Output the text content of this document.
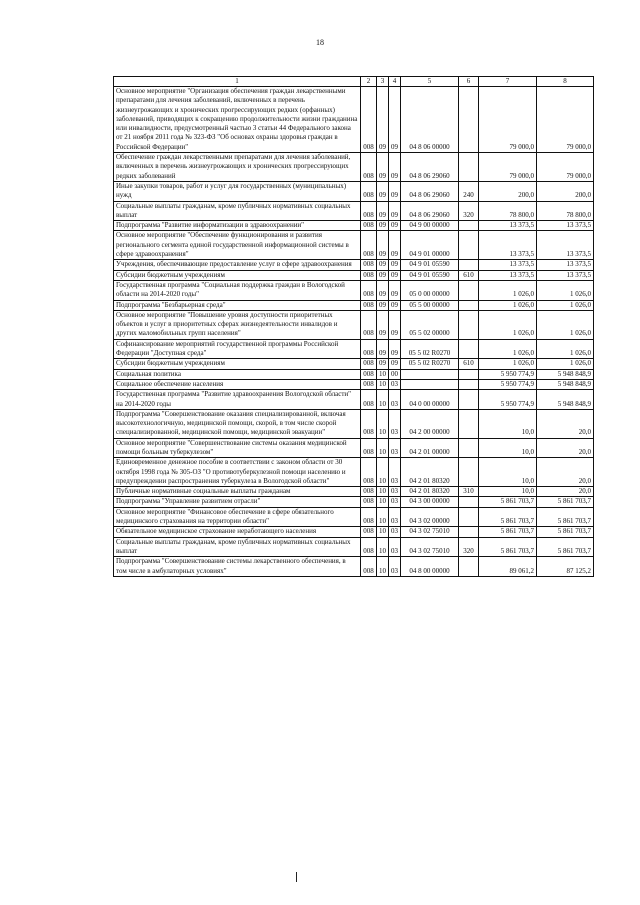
18
1	2	3	4	5	6	7	8
Основное мероприятие "Организация обеспечения граждан лекарственными препаратами для лечения заболеваний, включенных в перечень жизнеугрожающих и хронических прогрессирующих редких (орфанных) заболеваний, приводящих к сокращению продолжительности жизни гражданина или инвалидности, предусмотренный частью 3 статьи 44 Федерального закона от 21 ноября 2011 года № 323-ФЗ "Об основах охраны здоровья граждан в Российской Федерации"	008	09	09	04 8 06 00000		79 000,0	79 000,0
Обеспечение граждан лекарственными препаратами для лечения заболеваний, включенных в перечень жизнеугрожающих и хронических прогрессирующих редких заболеваний	008	09	09	04 8 06 29060		79 000,0	79 000,0
Иные закупки товаров, работ и услуг для государственных (муниципальных) нужд	008	09	09	04 8 06 29060	240	200,0	200,0
Социальные выплаты гражданам, кроме публичных нормативных социальных выплат	008	09	09	04 8 06 29060	320	78 800,0	78 800,0
Подпрограмма "Развитие информатизации в здравоохранении"	008	09	09	04 9 00 00000		13 373,5	13 373,5
Основное мероприятие "Обеспечение функционирования и развития регионального сегмента единой государственной информационной системы в сфере здравоохранения"	008	09	09	04 9 01 00000		13 373,5	13 373,5
Учреждения, обеспечивающие предоставление услуг в сфере здравоохранения	008	09	09	04 9 01 05590		13 373,5	13 373,5
Субсидии бюджетным учреждениям	008	09	09	04 9 01 05590	610	13 373,5	13 373,5
Государственная программа "Социальная поддержка граждан в Вологодской области на 2014-2020 годы"	008	09	09	05 0 00 00000		1 026,0	1 026,0
Подпрограмма "Безбарьерная среда"	008	09	09	05 5 00 00000		1 026,0	1 026,0
Основное мероприятие "Повышение уровня доступности приоритетных объектов и услуг в приоритетных сферах жизнедеятельности инвалидов и других маломобильных групп населения"	008	09	09	05 5 02 00000		1 026,0	1 026,0
Софинансирование мероприятий государственной программы Российской Федерации "Доступная среда"	008	09	09	05 5 02 R0270		1 026,0	1 026,0
Субсидии бюджетным учреждениям	008	09	09	05 5 02 R0270	610	1 026,0	1 026,0
Социальная политика	008	10	00			5 950 774,9	5 948 848,9
Социальное обеспечение населения	008	10	03			5 950 774,9	5 948 848,9
Государственная программа "Развитие здравоохранения Вологодской области" на 2014-2020 годы	008	10	03	04 0 00 00000		5 950 774,9	5 948 848,9
Подпрограмма "Совершенствование оказания специализированной, включая высокотехнологичную, медицинской помощи, скорой, в том числе скорой специализированной, медицинской помощи, медицинской эвакуации"	008	10	03	04 2 00 00000		10,0	20,0
Основное мероприятие "Совершенствование системы оказания медицинской помощи больным туберкулезом"	008	10	03	04 2 01 00000		10,0	20,0
Единовременное денежное пособие в соответствии с законом области от 30 октября 1998 года № 305-ОЗ "О противотуберкулезной помощи населению и предупреждении распространения туберкулеза в Вологодской области"	008	10	03	04 2 01 80320		10,0	20,0
Публичные нормативные социальные выплаты гражданам	008	10	03	04 2 01 80320	310	10,0	20,0
Подпрограмма "Управление развитием отрасли"	008	10	03	04 3 00 00000		5 861 703,7	5 861 703,7
Основное мероприятие "Финансовое обеспечение в сфере обязательного медицинского страхования на территории области"	008	10	03	04 3 02 00000		5 861 703,7	5 861 703,7
Обязательное медицинское страхование неработающего населения	008	10	03	04 3 02 75010		5 861 703,7	5 861 703,7
Социальные выплаты гражданам, кроме публичных нормативных социальных выплат	008	10	03	04 3 02 75010	320	5 861 703,7	5 861 703,7
Подпрограмма "Совершенствование системы лекарственного обеспечения, в том числе в амбулаторных условиях"	008	10	03	04 8 00 00000		89 061,2	87 125,2
